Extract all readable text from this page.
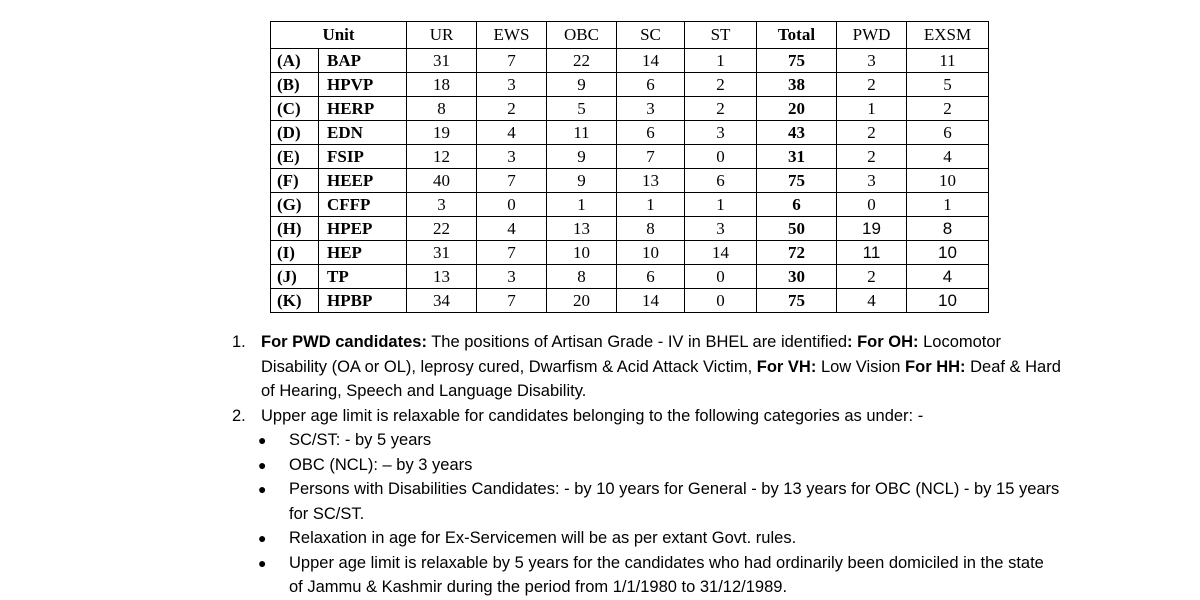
Unit		UR	EWS	OBC	SC	ST	Total	PWD	EXSM
(A)	BAP	31	7	22	14	1	75	3	11
(B)	HPVP	18	3	9	6	2	38	2	5
(C)	HERP	8	2	5	3	2	20	1	2
(D)	EDN	19	4	11	6	3	43	2	6
(E)	FSIP	12	3	9	7	0	31	2	4
(F)	HEEP	40	7	9	13	6	75	3	10
(G)	CFFP	3	0	1	1	1	6	0	1
(H)	HPEP	22	4	13	8	3	50	19	8
(I)	HEP	31	7	10	10	14	72	11	10
(J)	TP	13	3	8	6	0	30	2	4
(K)	HPBP	34	7	20	14	0	75	4	10
1. For PWD candidates: The positions of Artisan Grade - IV in BHEL are identified: For OH: Locomotor Disability (OA or OL), leprosy cured, Dwarfism & Acid Attack Victim, For VH: Low Vision For HH: Deaf & Hard of Hearing, Speech and Language Disability.
2. Upper age limit is relaxable for candidates belonging to the following categories as under: -
● SC/ST: - by 5 years
● OBC (NCL): – by 3 years
● Persons with Disabilities Candidates: - by 10 years for General - by 13 years for OBC (NCL) - by 15 years for SC/ST.
● Relaxation in age for Ex-Servicemen will be as per extant Govt. rules.
● Upper age limit is relaxable by 5 years for the candidates who had ordinarily been domiciled in the state of Jammu & Kashmir during the period from 1/1/1980 to 31/12/1989.
